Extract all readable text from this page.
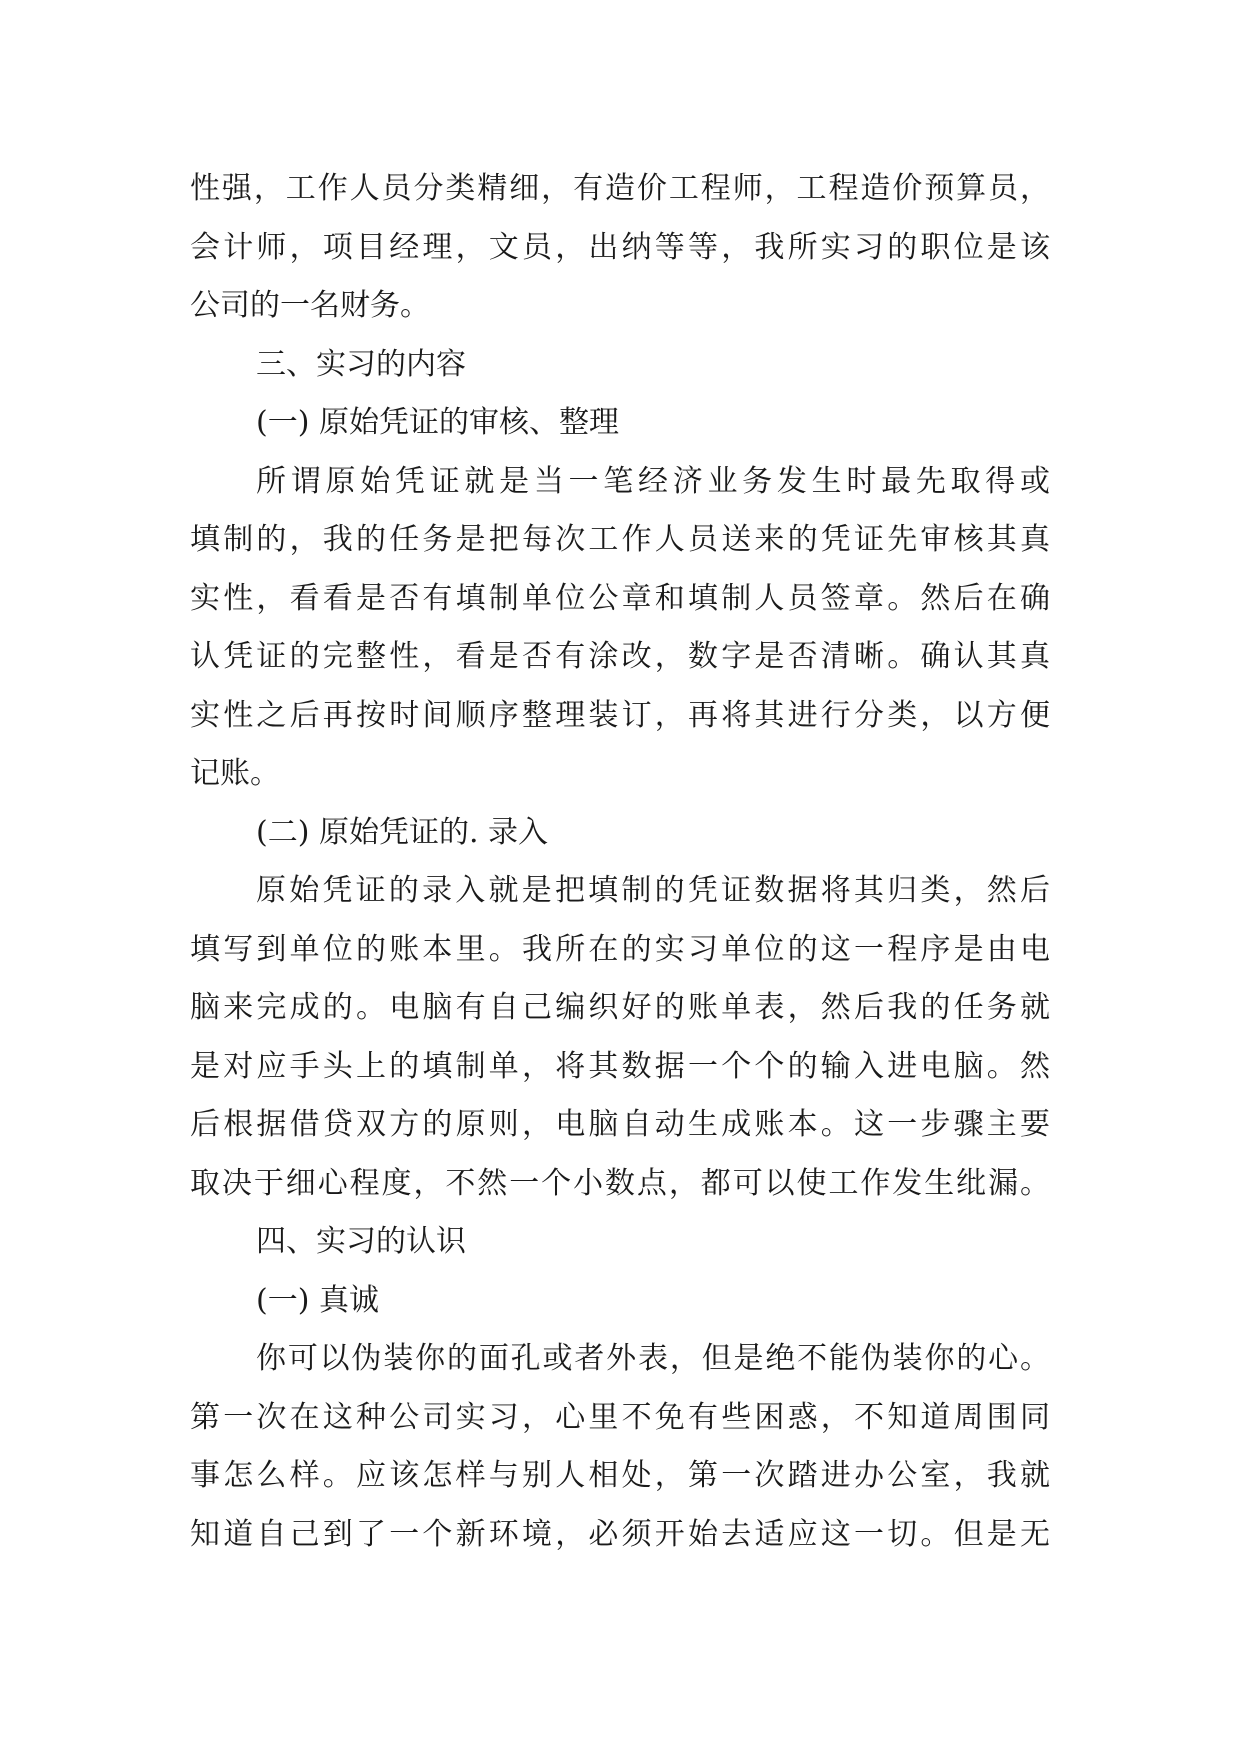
性强，工作人员分类精细，有造价工程师，工程造价预算员，
会计师，项目经理，文员，出纳等等，我所实习的职位是该
公司的一名财务。
三、实习的内容
(一) 原始凭证的审核、整理
所谓原始凭证就是当一笔经济业务发生时最先取得或
填制的，我的任务是把每次工作人员送来的凭证先审核其真
实性，看看是否有填制单位公章和填制人员签章。然后在确
认凭证的完整性，看是否有涂改，数字是否清晰。确认其真
实性之后再按时间顺序整理装订，再将其进行分类，以方便
记账。
(二) 原始凭证的. 录入
原始凭证的录入就是把填制的凭证数据将其归类，然后
填写到单位的账本里。我所在的实习单位的这一程序是由电
脑来完成的。电脑有自己编织好的账单表，然后我的任务就
是对应手头上的填制单，将其数据一个个的输入进电脑。然
后根据借贷双方的原则，电脑自动生成账本。这一步骤主要
取决于细心程度，不然一个小数点，都可以使工作发生纰漏。
四、实习的认识
(一) 真诚
你可以伪装你的面孔或者外表，但是绝不能伪装你的心。
第一次在这种公司实习，心里不免有些困惑，不知道周围同
事怎么样。应该怎样与别人相处，第一次踏进办公室，我就
知道自己到了一个新环境，必须开始去适应这一切。但是无
